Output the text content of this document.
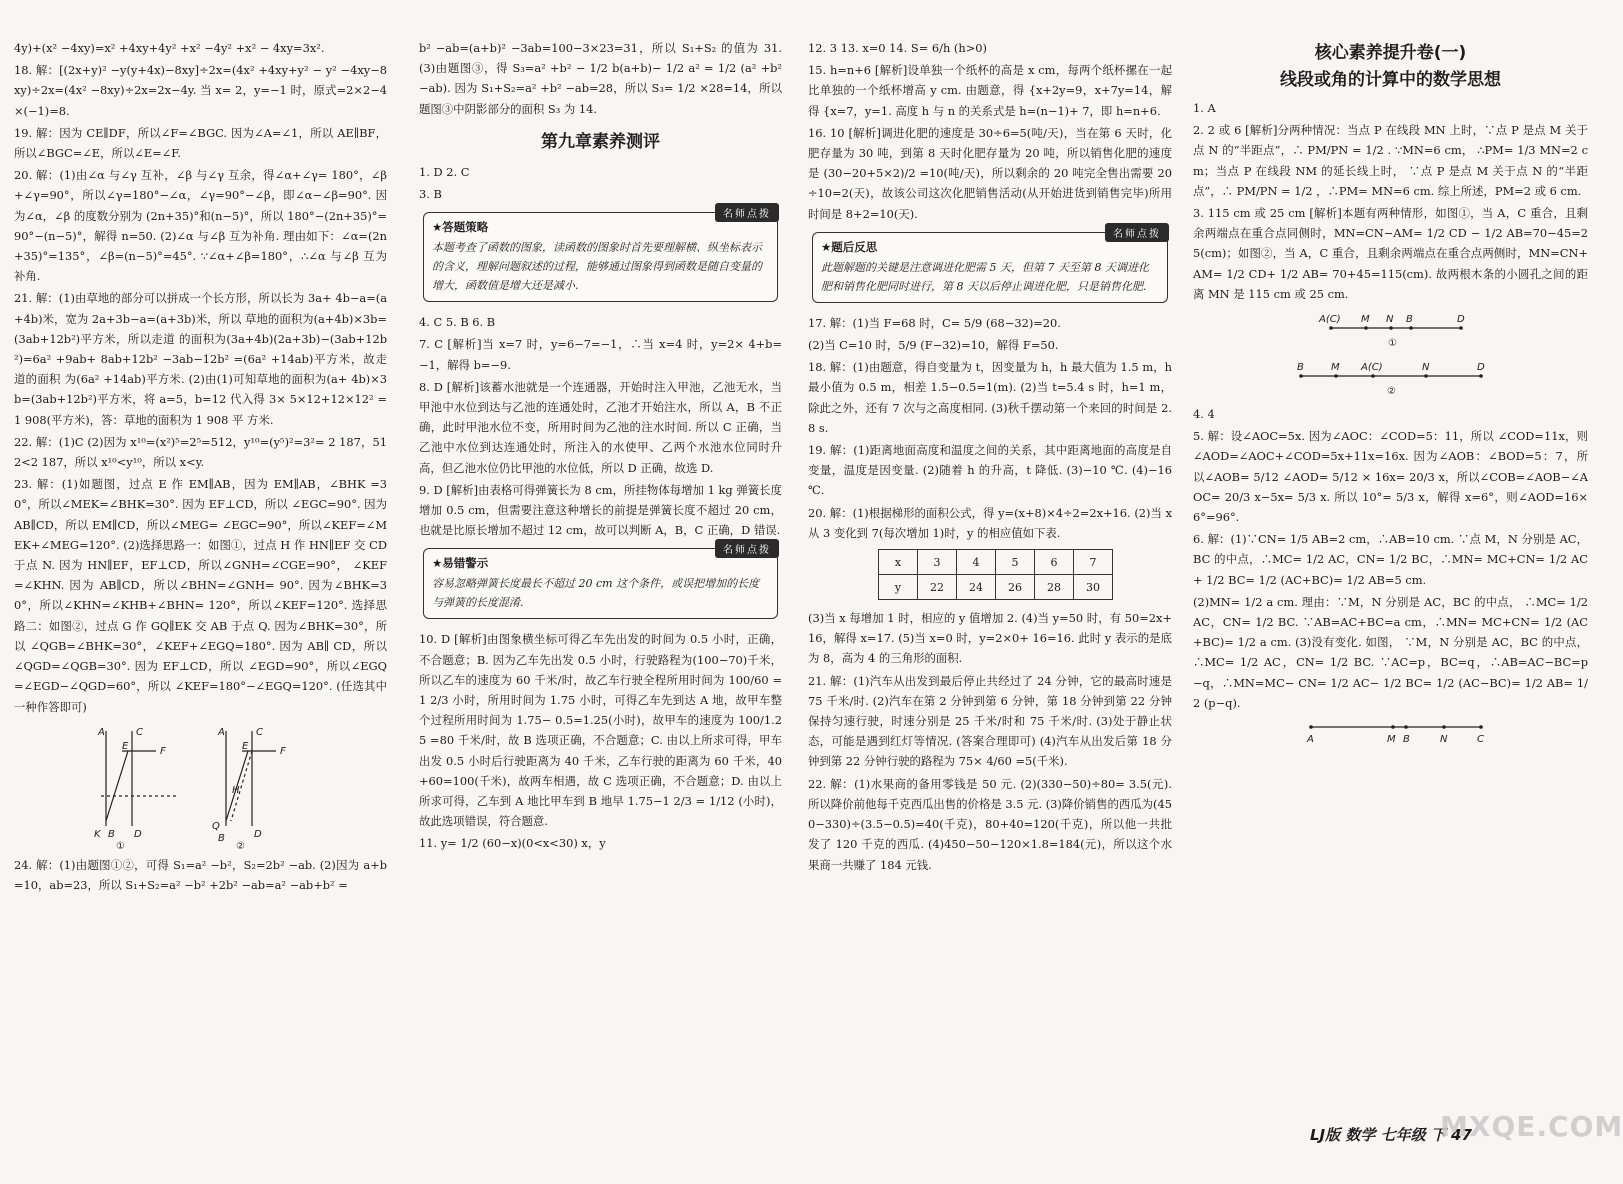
4y)+(x² −4xy)=x² +4xy+4y² +x² −4y² +x² − 4xy=3x².
18. 解：[(2x+y)² −y(y+4x)−8xy]÷2x=(4x² +4xy+y² − y² −4xy−8xy)÷2x=(4x² −8xy)÷2x=2x−4y. 当 x= 2，y=−1 时，原式=2×2−4×(−1)=8.
19. 解：因为 CE∥DF，所以∠F=∠BGC. 因为∠A=∠1，所以 AE∥BF，所以∠BGC=∠E，所以∠E=∠F.
20. 解：(1)由∠α 与∠γ 互补，∠β 与∠γ 互余，得∠α+∠γ= 180°，∠β+∠γ=90°，所以∠γ=180°−∠α，∠γ=90°−∠β，即∠α−∠β=90°. 因为∠α，∠β 的度数分别为 (2n+35)°和(n−5)°，所以 180°−(2n+35)°=90°−(n−5)°，解得 n=50. (2)∠α 与∠β 互为补角. 理由如下：∠α=(2n +35)°=135°，∠β=(n−5)°=45°. ∵∠α+∠β=180°，∴∠α 与∠β 互为补角.
21. 解：(1)由草地的部分可以拼成一个长方形，所以长为 3a+ 4b−a=(a+4b)米，宽为 2a+3b−a=(a+3b)米，所以 草地的面积为(a+4b)×3b=(3ab+12b²)平方米，所以走道 的面积为(3a+4b)(2a+3b)−(3ab+12b²)=6a² +9ab+ 8ab+12b² −3ab−12b² =(6a² +14ab)平方米，故走道的面积 为(6a² +14ab)平方米. (2)由(1)可知草地的面积为(a+ 4b)×3b=(3ab+12b²)平方米，将 a=5，b=12 代入得 3× 5×12+12×12² =1 908(平方米)，答：草地的面积为 1 908 平 方米.
22. 解：(1)C (2)因为 x¹⁰=(x²)⁵=2⁵=512，y¹⁰=(y⁵)²=3²= 2 187，512<2 187，所以 x¹⁰<y¹⁰，所以 x<y.
23. 解：(1)如题图，过点 E 作 EM∥AB，因为 EM∥AB，∠BHK =30°，所以∠MEK=∠BHK=30°. 因为 EF⊥CD，所以 ∠EGC=90°. 因为 AB∥CD，所以 EM∥CD，所以∠MEG= ∠EGC=90°，所以∠KEF=∠MEK+∠MEG=120°. (2)选择思路一：如图①，过点 H 作 HN∥EF 交 CD 于点 N. 因为 HN∥EF，EF⊥CD，所以∠GNH=∠CGE=90°， ∠KEF=∠KHN. 因为 AB∥CD，所以∠BHN=∠GNH= 90°. 因为∠BHK=30°，所以∠KHN=∠KHB+∠BHN= 120°，所以∠KEF=120°. 选择思路二：如图②，过点 G 作 GQ∥EK 交 AB 于点 Q. 因为∠BHK=30°，所以 ∠QGB=∠BHK=30°，∠KEF+∠EGQ=180°. 因为 AB∥ CD，所以∠QGD=∠QGB=30°. 因为 EF⊥CD，所以 ∠EGD=90°，所以∠EGQ=∠EGD−∠QGD=60°，所以 ∠KEF=180°−∠EGQ=120°. (任选其中一种作答即可)
A	C
E	F
K B D
①
A	C
E	F
H
Q
B	D
②
24. 解：(1)由题图①②，可得 S₁=a² −b²，S₂=2b² −ab. (2)因为 a+b=10，ab=23，所以 S₁+S₂=a² −b² +2b² −ab=a² −ab+b² =
b² −ab=(a+b)² −3ab=100−3×23=31，所以 S₁+S₂ 的值为 31. (3)由题图③，得 S₃=a² +b² − 1/2 b(a+b)− 1/2 a² = 1/2 (a² +b² −ab). 因为 S₁+S₂=a² +b² −ab=28，所以 S₃= 1/2 ×28=14，所以题图③中阴影部分的面积 S₃ 为 14.
第九章素养测评
1. D 2. C
3. B
名师点拨
★答题策略
本题考查了函数的图象，读函数的图象时首先要理解横、纵坐标表示的含义，理解问题叙述的过程，能够通过图象得到函数是随自变量的增大，函数值是增大还是减小.
4. C 5. B 6. B
7. C [解析]当 x=7 时，y=6−7=−1，∴当 x=4 时，y=2× 4+b=−1，解得 b=−9.
8. D [解析]该蓄水池就是一个连通器，开始时注入甲池，乙池无水，当甲池中水位到达与乙池的连通处时，乙池才开始注水，所以 A，B 不正确，此时甲池水位不变，所用时间为乙池的注水时间. 所以 C 正确，当乙池中水位到达连通处时，所注入的水使甲、乙两个水池水位同时升高，但乙池水位仍比甲池的水位低，所以 D 正确，故选 D.
9. D [解析]由表格可得弹簧长为 8 cm，所挂物体每增加 1 kg 弹簧长度增加 0.5 cm，但需要注意这种增长的前提是弹簧长度不超过 20 cm，也就是比原长增加不超过 12 cm，故可以判断 A，B，C 正确，D 错误.
名师点拨
★易错警示
容易忽略弹簧长度最长不超过 20 cm 这个条件，或误把增加的长度与弹簧的长度混淆.
10. D [解析]由图象横坐标可得乙车先出发的时间为 0.5 小时，正确，不合题意；B. 因为乙车先出发 0.5 小时，行驶路程为(100−70)千米，所以乙车的速度为 60 千米/时，故乙车行驶全程所用时间为 100/60 = 1 2/3 小时，所用时间为 1.75 小时，可得乙车先到达 A 地，故甲车整个过程所用时间为 1.75− 0.5=1.25(小时)，故甲车的速度为 100/1.25 =80 千米/时，故 B 选项正确，不合题意；C. 由以上所求可得，甲车出发 0.5 小时后行驶距离为 40 千米，乙车行驶的距离为 60 千米，40+60=100(千米)，故两车相遇，故 C 选项正确，不合题意；D. 由以上所求可得，乙车到 A 地比甲车到 B 地早 1.75−1 2/3 = 1/12 (小时)，故此选项错误，符合题意.
11. y= 1/2 (60−x)(0<x<30) x，y
12. 3 13. x=0 14. S= 6/h (h>0)
15. h=n+6 [解析]设单独一个纸杯的高是 x cm，每两个纸杯摞在一起比单独的一个纸杯增高 y cm. 由题意，得 {x+2y=9，x+7y=14，解得 {x=7，y=1. 高度 h 与 n 的关系式是 h=(n−1)+ 7，即 h=n+6.
16. 10 [解析]调进化肥的速度是 30÷6=5(吨/天)，当在第 6 天时，化肥存量为 30 吨，到第 8 天时化肥存量为 20 吨，所以销售化肥的速度是 (30−20+5×2)/2 =10(吨/天)，所以剩余的 20 吨完全售出需要 20÷10=2(天)，故该公司这次化肥销售活动(从开始进货到销售完毕)所用时间是 8+2=10(天).
名师点拨
★题后反思
此题解题的关键是注意调进化肥需 5 天，但第 7 天至第 8 天调进化肥和销售化肥同时进行，第 8 天以后停止调进化肥，只是销售化肥.
17. 解：(1)当 F=68 时，C= 5/9 (68−32)=20.
(2)当 C=10 时，5/9 (F−32)=10，解得 F=50.
18. 解：(1)由题意，得自变量为 t，因变量为 h，h 最大值为 1.5 m，h 最小值为 0.5 m，相差 1.5−0.5=1(m). (2)当 t=5.4 s 时，h=1 m，除此之外，还有 7 次与之高度相同. (3)秋千摆动第一个来回的时间是 2.8 s.
19. 解：(1)距离地面高度和温度之间的关系，其中距离地面的高度是自变量，温度是因变量. (2)随着 h 的升高，t 降低. (3)−10 ℃. (4)−16 ℃.
20. 解：(1)根据梯形的面积公式，得 y=(x+8)×4÷2=2x+16. (2)当 x 从 3 变化到 7(每次增加 1)时，y 的相应值如下表.
x	3	4	5	6	7
y	22	24	26	28	30
(3)当 x 每增加 1 时，相应的 y 值增加 2. (4)当 y=50 时，有 50=2x+16，解得 x=17. (5)当 x=0 时，y=2×0+ 16=16. 此时 y 表示的是底为 8，高为 4 的三角形的面积.
21. 解：(1)汽车从出发到最后停止共经过了 24 分钟，它的最高时速是 75 千米/时. (2)汽车在第 2 分钟到第 6 分钟，第 18 分钟到第 22 分钟保持匀速行驶，时速分别是 25 千米/时和 75 千米/时. (3)处于静止状态，可能是遇到红灯等情况. (答案合理即可) (4)汽车从出发后第 18 分钟到第 22 分钟行驶的路程为 75× 4/60 =5(千米).
22. 解：(1)水果商的备用零钱是 50 元. (2)(330−50)÷80= 3.5(元). 所以降价前他每千克西瓜出售的价格是 3.5 元. (3)降价销售的西瓜为(450−330)÷(3.5−0.5)=40(千克)，80+40=120(千克)，所以他一共批发了 120 千克的西瓜. (4)450−50−120×1.8=184(元)，所以这个水果商一共赚了 184 元钱.
核心素养提升卷(一)
线段或角的计算中的数学思想
1. A
2. 2 或 6 [解析]分两种情况：当点 P 在线段 MN 上时，∵点 P 是点 M 关于点 N 的“半距点”，∴ PM/PN = 1/2 . ∵MN=6 cm， ∴PM= 1/3 MN=2 cm；当点 P 在线段 NM 的延长线上时， ∵点 P 是点 M 关于点 N 的“半距点”，∴ PM/PN = 1/2 ，∴PM= MN=6 cm. 综上所述，PM=2 或 6 cm.
3. 115 cm 或 25 cm [解析]本题有两种情形，如图①，当 A，C 重合，且剩余两端点在重合点同侧时，MN=CN−AM= 1/2 CD − 1/2 AB=70−45=25(cm)；如图②，当 A，C 重合，且剩余两端点在重合点两侧时，MN=CN+AM= 1/2 CD+ 1/2 AB= 70+45=115(cm). 故两根木条的小圆孔之间的距离 MN 是 115 cm 或 25 cm.
A(C) M N B	D
①
B	M A(C)	N	D
②
4. 4
5. 解：设∠AOC=5x. 因为∠AOC：∠COD=5：11，所以 ∠COD=11x，则∠AOD=∠AOC+∠COD=5x+11x=16x. 因为∠AOB：∠BOD=5：7，所以∠AOB= 5/12 ∠AOD= 5/12 × 16x= 20/3 x，所以∠COB=∠AOB−∠AOC= 20/3 x−5x= 5/3 x. 所以 10°= 5/3 x，解得 x=6°，则∠AOD=16×6°=96°.
6. 解：(1)∵CN= 1/5 AB=2 cm，∴AB=10 cm. ∵点 M，N 分别是 AC，BC 的中点，∴MC= 1/2 AC，CN= 1/2 BC，∴MN= MC+CN= 1/2 AC+ 1/2 BC= 1/2 (AC+BC)= 1/2 AB=5 cm.
(2)MN= 1/2 a cm. 理由：∵M，N 分别是 AC，BC 的中点， ∴MC= 1/2 AC，CN= 1/2 BC. ∵AB=AC+BC=a cm，∴MN= MC+CN= 1/2 (AC+BC)= 1/2 a cm. (3)没有变化. 如图， ∵M，N 分别是 AC，BC 的中点，∴MC= 1/2 AC，CN= 1/2 BC. ∵AC=p，BC=q，∴AB=AC−BC=p−q，∴MN=MC− CN= 1/2 AC− 1/2 BC= 1/2 (AC−BC)= 1/2 AB= 1/2 (p−q).
A	M B	N	C
LJ版 数学 七年级 下 47
MXQE.COM
